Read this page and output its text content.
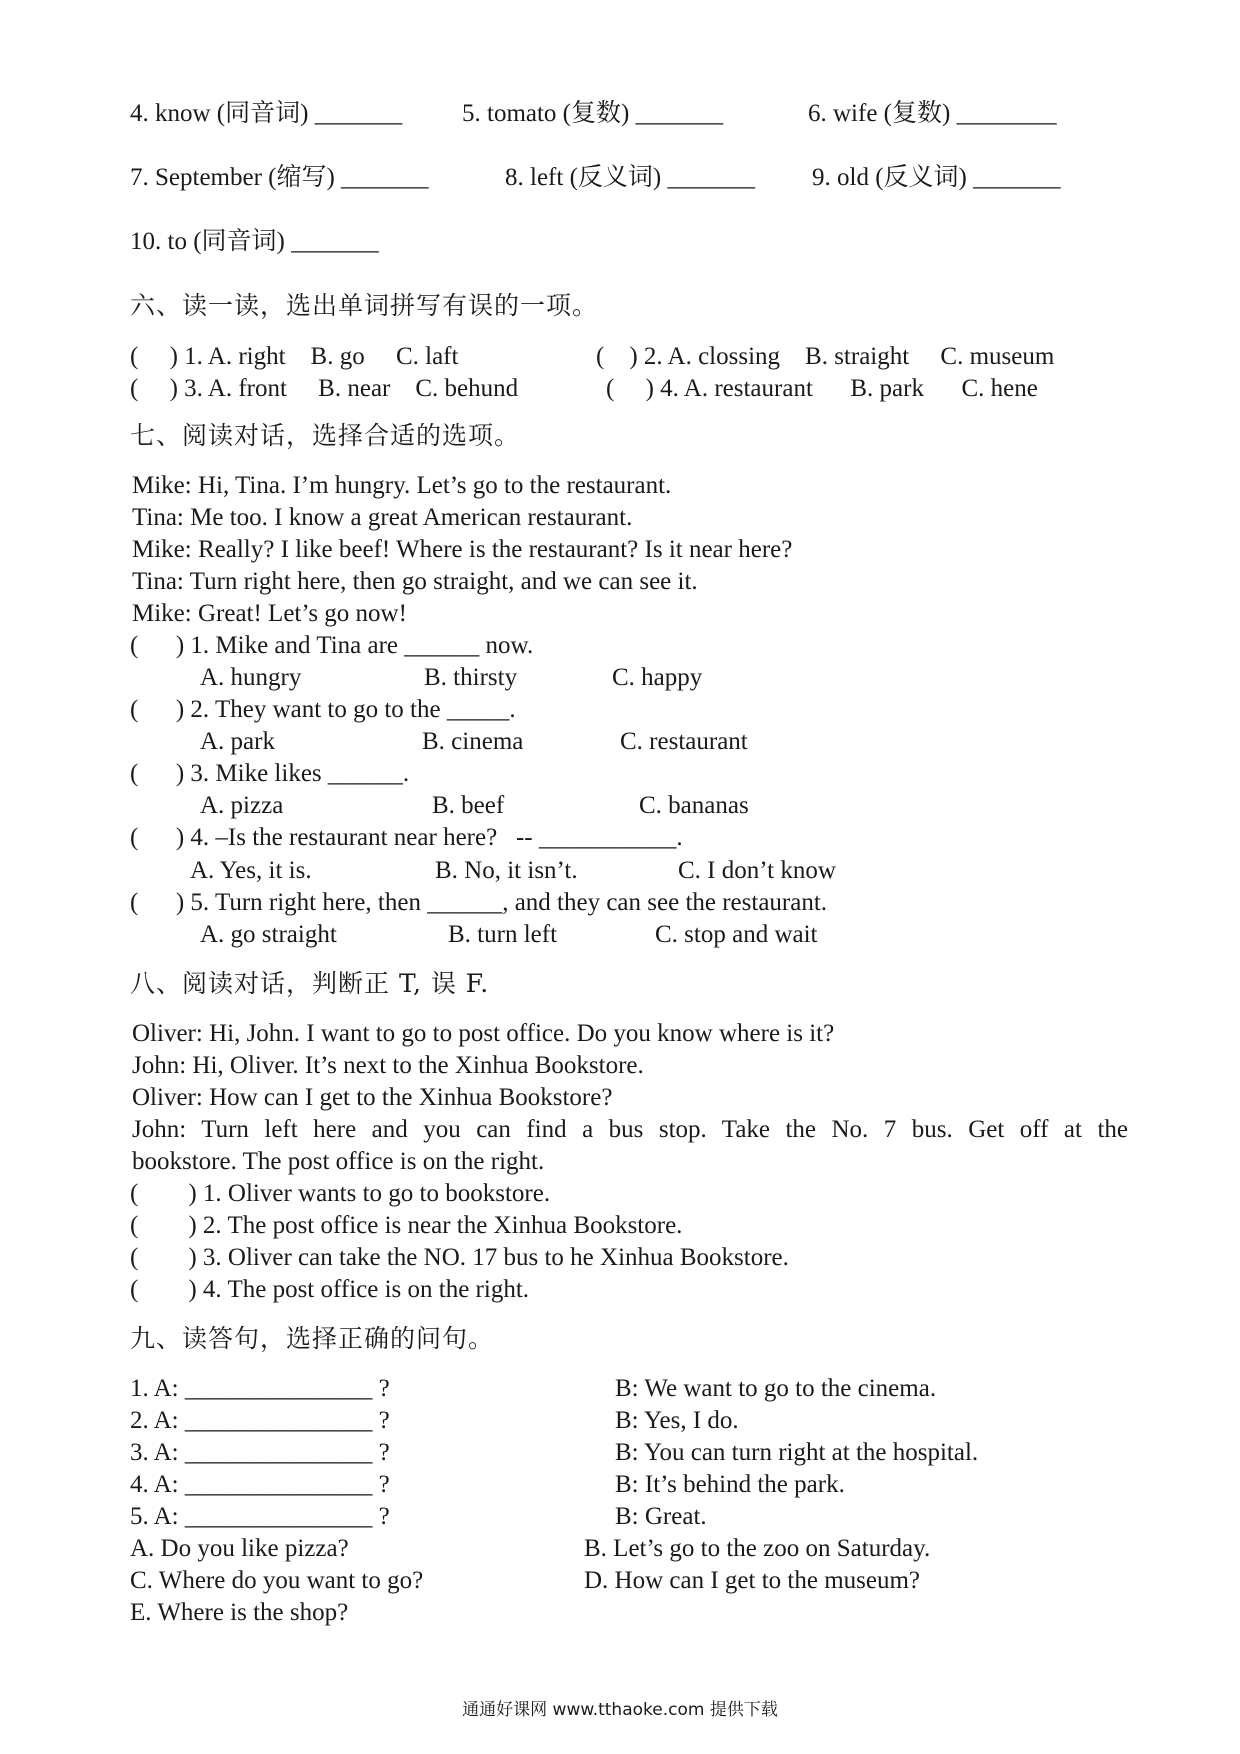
4. know (同音词) _______ 5. tomato (复数) _______	6. wife (复数) ________
7. September (缩写) _______	8. left (反义词) _______ 9. old (反义词) _______
10. to (同音词) _______
六、读一读，选出单词拼写有误的一项。
(     ) 1. A. right    B. go     C. laft	(    ) 2. A. clossing    B. straight     C. museum
(     ) 3. A. front     B. near    C. behund	(     ) 4. A. restaurant      B. park      C. hene
七、阅读对话，选择合适的选项。
Mike: Hi, Tina. I’m hungry. Let’s go to the restaurant.
Tina: Me too. I know a great American restaurant.
Mike: Really? I like beef! Where is the restaurant? Is it near here?
Tina: Turn right here, then go straight, and we can see it.
Mike: Great! Let’s go now!
(      ) 1. Mike and Tina are ______ now.
A. hungry	B. thirsty	C. happy
(      ) 2. They want to go to the _____.
A. park	B. cinema	C. restaurant
(      ) 3. Mike likes ______.
A. pizza	B. beef	C. bananas
(      ) 4. –Is the restaurant near here?   -- ___________.
A. Yes, it is.	B. No, it isn’t.	C. I don’t know
(      ) 5. Turn right here, then ______, and they can see the restaurant.
A. go straight	B. turn left	C. stop and wait
八、阅读对话，判断正 T, 误 F.
Oliver: Hi, John. I want to go to post office. Do you know where is it?
John: Hi, Oliver. It’s next to the Xinhua Bookstore.
Oliver: How can I get to the Xinhua Bookstore?
John: Turn left here and you can find a bus stop. Take the No. 7 bus. Get off at the
bookstore. The post office is on the right.
(        ) 1. Oliver wants to go to bookstore.
(        ) 2. The post office is near the Xinhua Bookstore.
(        ) 3. Oliver can take the NO. 17 bus to he Xinhua Bookstore.
(        ) 4. The post office is on the right.
九、读答句，选择正确的问句。
1. A: _______________ ?	B: We want to go to the cinema.
2. A: _______________ ?	B: Yes, I do.
3. A: _______________ ?	B: You can turn right at the hospital.
4. A: _______________ ?	B: It’s behind the park.
5. A: _______________ ?	B: Great.
A. Do you like pizza?	B. Let’s go to the zoo on Saturday.
C. Where do you want to go?	D. How can I get to the museum?
E. Where is the shop?
通通好课网 www.tthaoke.com 提供下载
